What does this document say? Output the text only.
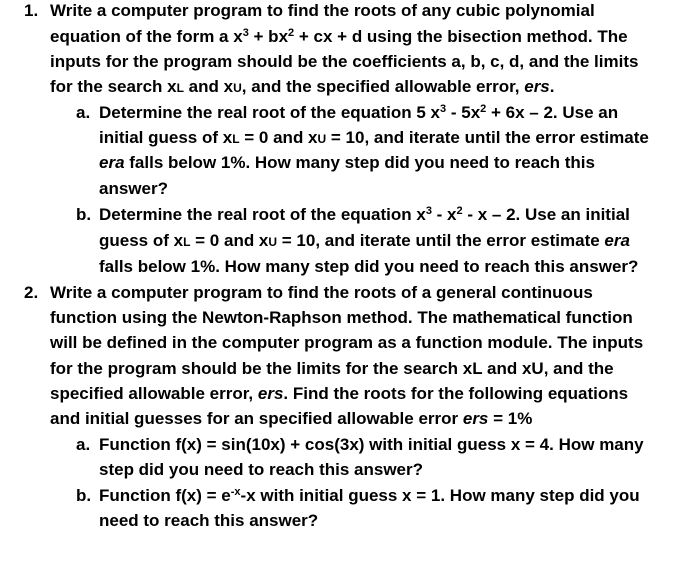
1. Write a computer program to find the roots of any cubic polynomial
equation of the form a $x^3 + bx^2$ + cx + d using the bisection method. The
inputs for the program should be the coefficients a, b, c, d, and the limits
for the search xL and xU, and the specified allowable error, ers.
a. Determine the real root of the equation 5 $x^3 - 5x^2 + 6x - 2$. Use an
initial guess of xL = 0 and xU = 10, and iterate until the error estimate
era falls below 1%. How many step did you need to reach this
answer?
b. Determine the real root of the equation $x^3 - x^2$ - x – 2. Use an initial
guess of xL = 0 and xU = 10, and iterate until the error estimate era
falls below 1%. How many step did you need to reach this answer?
2. Write a computer program to find the roots of a general continuous
function using the Newton-Raphson method. The mathematical function
will be defined in the computer program as a function module. The inputs
for the program should be the limits for the search xL and xU, and the
specified allowable error, ers. Find the roots for the following equations
and initial guesses for an specified allowable error ers = 1%
a. Function f(x) = sin(10x) + cos(3x) with initial guess x = 4. How many
step did you need to reach this answer?
b. Function $f(x) = e^{-x}-x$ with initial guess x = 1. How many step did you
need to reach this answer?
